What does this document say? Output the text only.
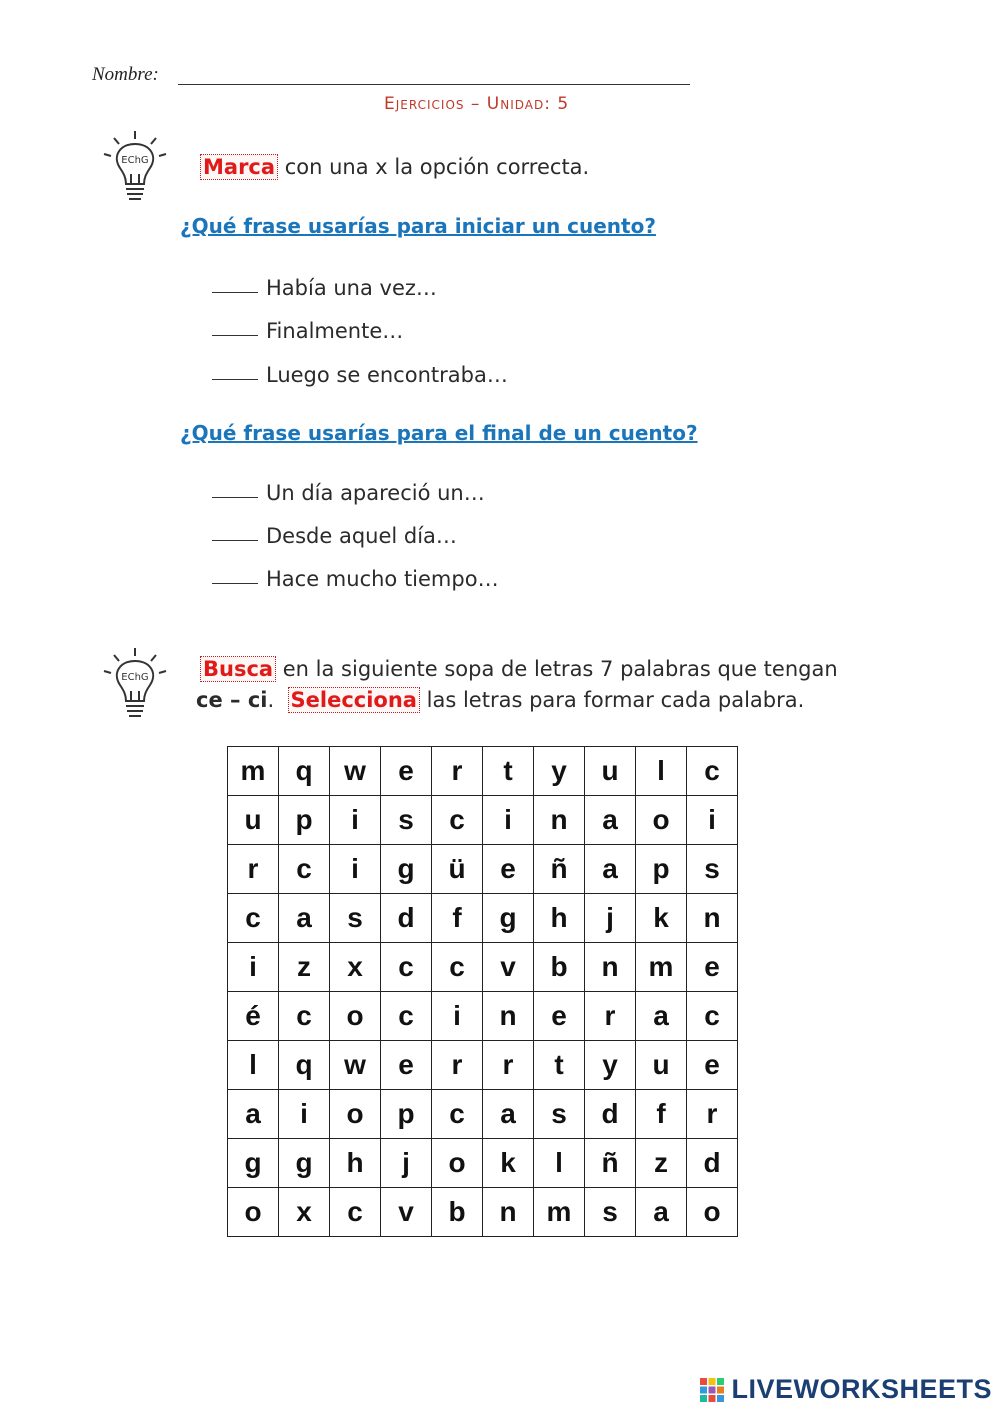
Nombre:
Ejercicios – Unidad: 5
EChG	Marca con una x la opción correcta.
¿Qué frase usarías para iniciar un cuento?
Había una vez…
Finalmente…
Luego se encontraba…
¿Qué frase usarías para el final de un cuento?
Un día apareció un…
Desde aquel día…
Hace mucho tiempo…
EChG	Busca en la siguiente sopa de letras 7 palabras que tengan
ce – ci. Selecciona las letras para formar cada palabra.
m	q	w	e	r	t	y	u	l	c
u	p	i	s	c	i	n	a	o	i
r	c	i	g	ü	e	ñ	a	p	s
c	a	s	d	f	g	h	j	k	n
i	z	x	c	c	v	b	n	m	e
é	c	o	c	i	n	e	r	a	c
l	q	w	e	r	r	t	y	u	e
a	i	o	p	c	a	s	d	f	r
g	g	h	j	o	k	l	ñ	z	d
o	x	c	v	b	n	m	s	a	o
LIVEWORKSHEETS
